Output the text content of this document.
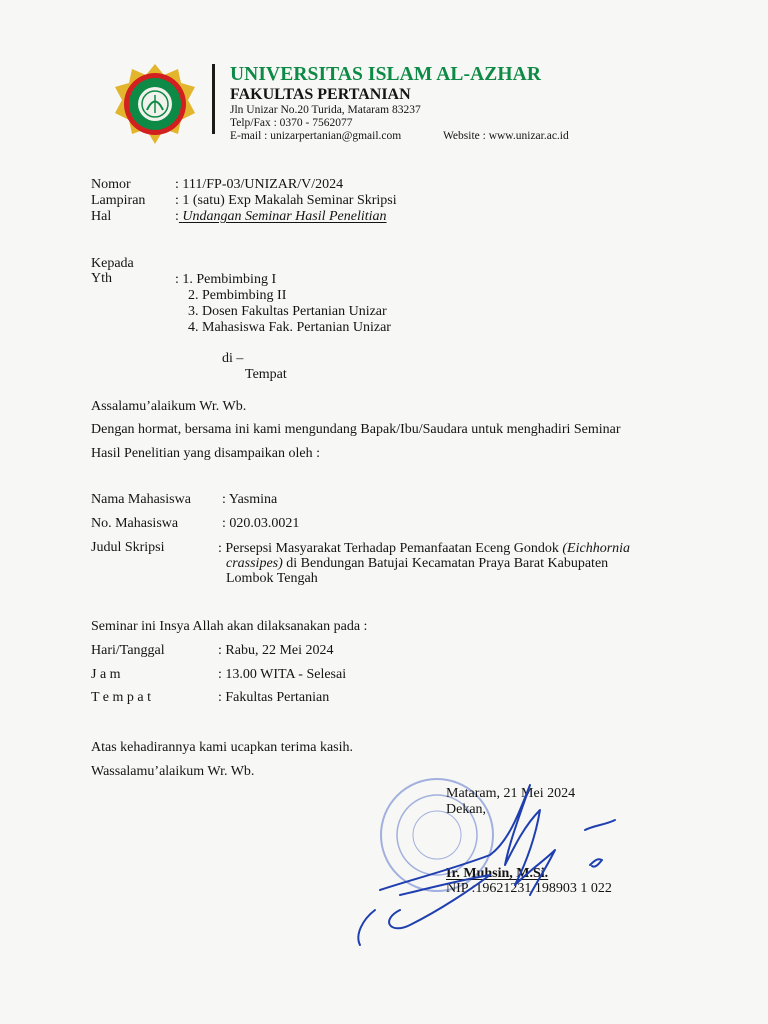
UNIVERSITAS ISLAM AL-AZHAR
FAKULTAS PERTANIAN
Jln Unizar No.20 Turida, Mataram 83237
Telp/Fax : 0370 - 7562077
E-mail : unizarpertanian@gmail.com	Website : www.unizar.ac.id
Nomor	: 111/FP-03/UNIZAR/V/2024
Lampiran : 1 (satu) Exp Makalah Seminar Skripsi
Hal	: Undangan Seminar Hasil Penelitian
Kepada
Yth	: 1. Pembimbing I
2. Pembimbing II
3. Dosen Fakultas Pertanian Unizar
4. Mahasiswa Fak. Pertanian Unizar
di –
Tempat
Assalamu’alaikum Wr. Wb.
Dengan hormat, bersama ini kami mengundang Bapak/Ibu/Saudara untuk menghadiri Seminar
Hasil Penelitian yang disampaikan oleh :
Nama Mahasiswa : Yasmina
No. Mahasiswa	: 020.03.0021
Judul Skripsi	: Persepsi Masyarakat Terhadap Pemanfaatan Eceng Gondok (Eichhornia
crassipes) di Bendungan Batujai Kecamatan Praya Barat Kabupaten
Lombok Tengah
Seminar ini Insya Allah akan dilaksanakan pada :
Hari/Tanggal	: Rabu, 22 Mei 2024
J a m	: 13.00 WITA - Selesai
T e m p a t	: Fakultas Pertanian
Atas kehadirannya kami ucapkan terima kasih.
Wassalamu’alaikum Wr. Wb.
Mataram, 21 Mei 2024
Dekan,
Ir. Muhsin, M.Si.
NIP :19621231 198903 1 022
